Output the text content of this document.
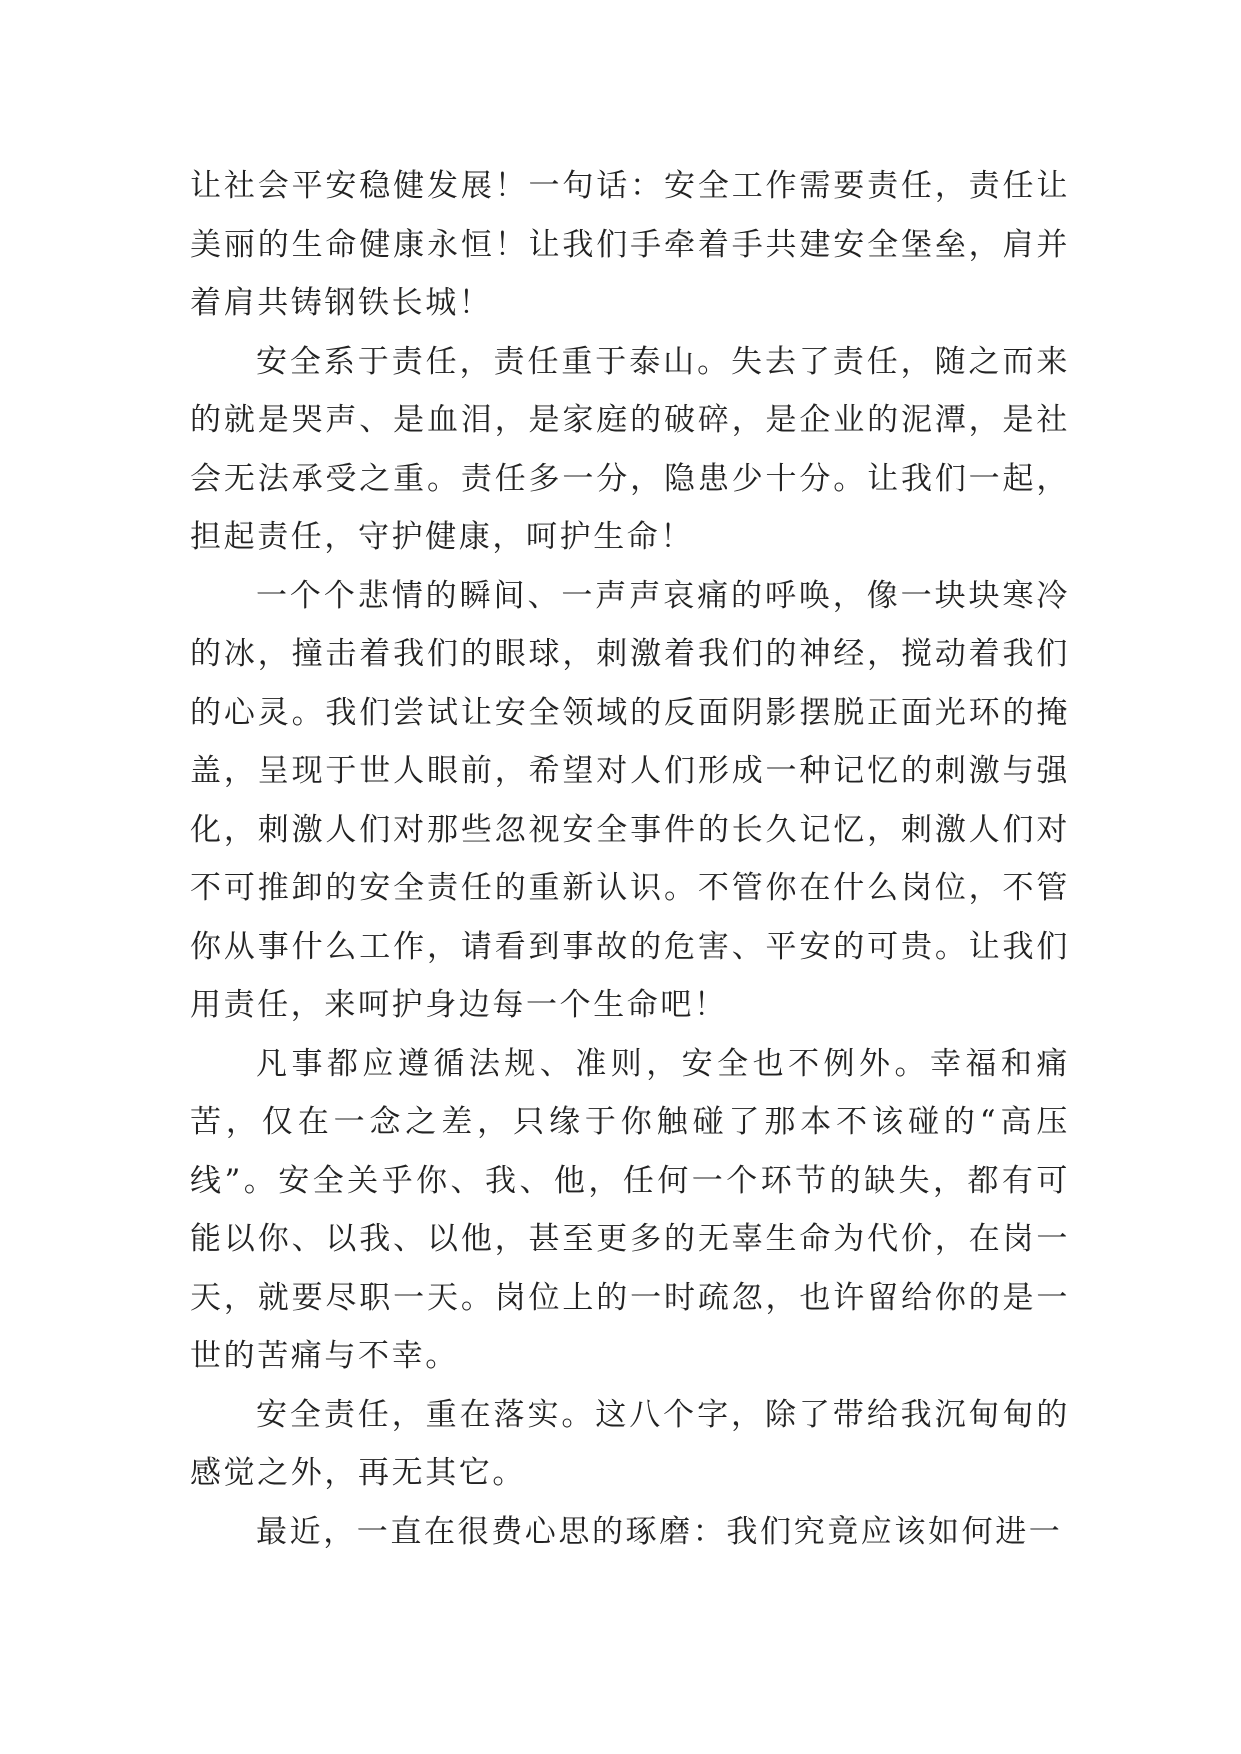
让社会平安稳健发展！一句话：安全工作需要责任，责任让美丽的生命健康永恒！让我们手牵着手共建安全堡垒，肩并着肩共铸钢铁长城！

安全系于责任，责任重于泰山。失去了责任，随之而来的就是哭声、是血泪，是家庭的破碎，是企业的泥潭，是社会无法承受之重。责任多一分，隐患少十分。让我们一起，担起责任，守护健康，呵护生命！

一个个悲情的瞬间、一声声哀痛的呼唤，像一块块寒冷的冰，撞击着我们的眼球，刺激着我们的神经，搅动着我们的心灵。我们尝试让安全领域的反面阴影摆脱正面光环的掩盖，呈现于世人眼前，希望对人们形成一种记忆的刺激与强化，刺激人们对那些忽视安全事件的长久记忆，刺激人们对不可推卸的安全责任的重新认识。不管你在什么岗位，不管你从事什么工作，请看到事故的危害、平安的可贵。让我们用责任，来呵护身边每一个生命吧！

凡事都应遵循法规、准则，安全也不例外。幸福和痛苦，仅在一念之差，只缘于你触碰了那本不该碰的“高压线”。安全关乎你、我、他，任何一个环节的缺失，都有可能以你、以我、以他，甚至更多的无辜生命为代价，在岗一天，就要尽职一天。岗位上的一时疏忽，也许留给你的是一世的苦痛与不幸。

安全责任，重在落实。这八个字，除了带给我沉甸甸的感觉之外，再无其它。

最近，一直在很费心思的琢磨：我们究竟应该如何进一
